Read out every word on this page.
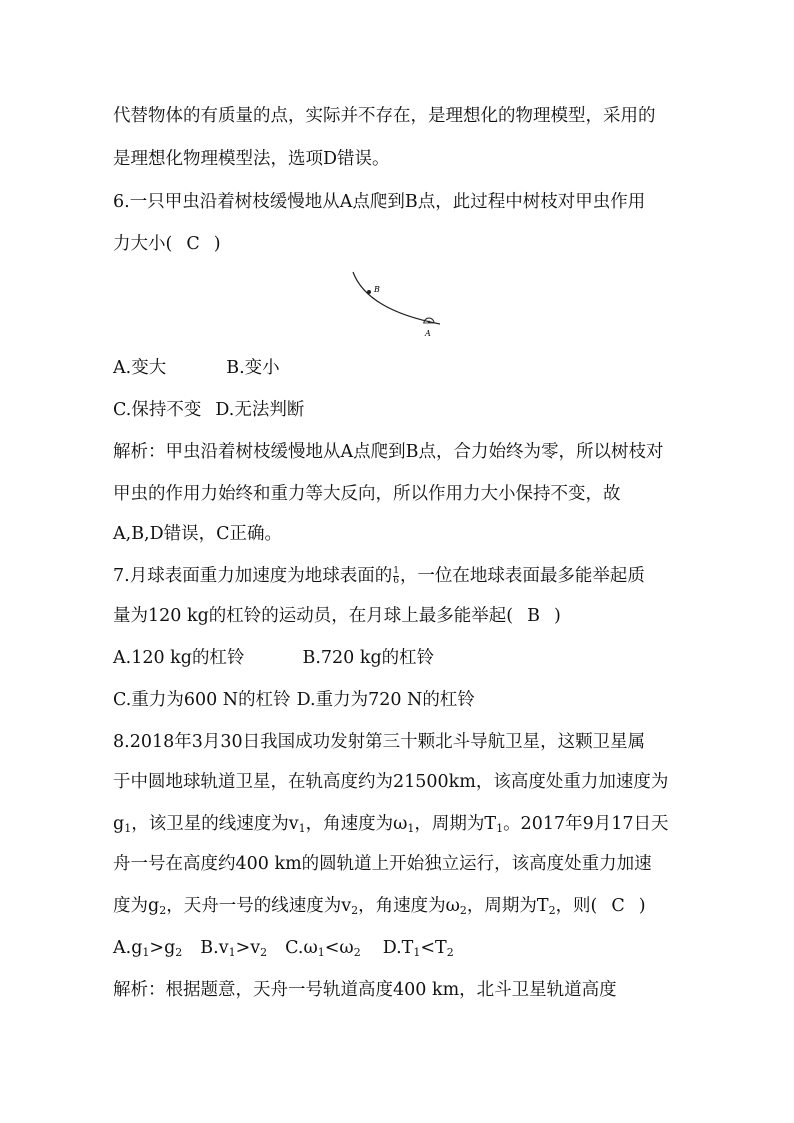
代替物体的有质量的点，实际并不存在，是理想化的物理模型，采用的
是理想化物理模型法，选项D错误。
6.一只甲虫沿着树枝缓慢地从A点爬到B点，此过程中树枝对甲虫作用
力大小( C )
B
A
A.变大	B.变小
C.保持不变 D.无法判断
解析：甲虫沿着树枝缓慢地从A点爬到B点，合力始终为零，所以树枝对
甲虫的作用力始终和重力等大反向，所以作用力大小保持不变，故
A,B,D错误，C正确。
7.月球表面重力加速度为地球表面的 $\frac{1}{6}$ ，一位在地球表面最多能举起质
量为120 kg的杠铃的运动员，在月球上最多能举起( B )
A.120 kg的杠铃	B.720 kg的杠铃
C.重力为600 N的杠铃 D.重力为720 N的杠铃
8.2018年3月30日我国成功发射第三十颗北斗导航卫星，这颗卫星属
于中圆地球轨道卫星，在轨高度约为21500km，该高度处重力加速度为
$g_1$，该卫星的线速度为$v_1$，角速度为$\omega_1$，周期为$T_1$。2017年9月17日天
舟一号在高度约400 km的圆轨道上开始独立运行，该高度处重力加速
度为$g_2$，天舟一号的线速度为$v_2$，角速度为$\omega_2$，周期为$T_2$，则( C )
$A.g_1>g_2$ $B.v_1>v_2$ $C.\omega_1<\omega_2$ $D.T_1<T_2$
解析：根据题意，天舟一号轨道高度400 km，北斗卫星轨道高度
